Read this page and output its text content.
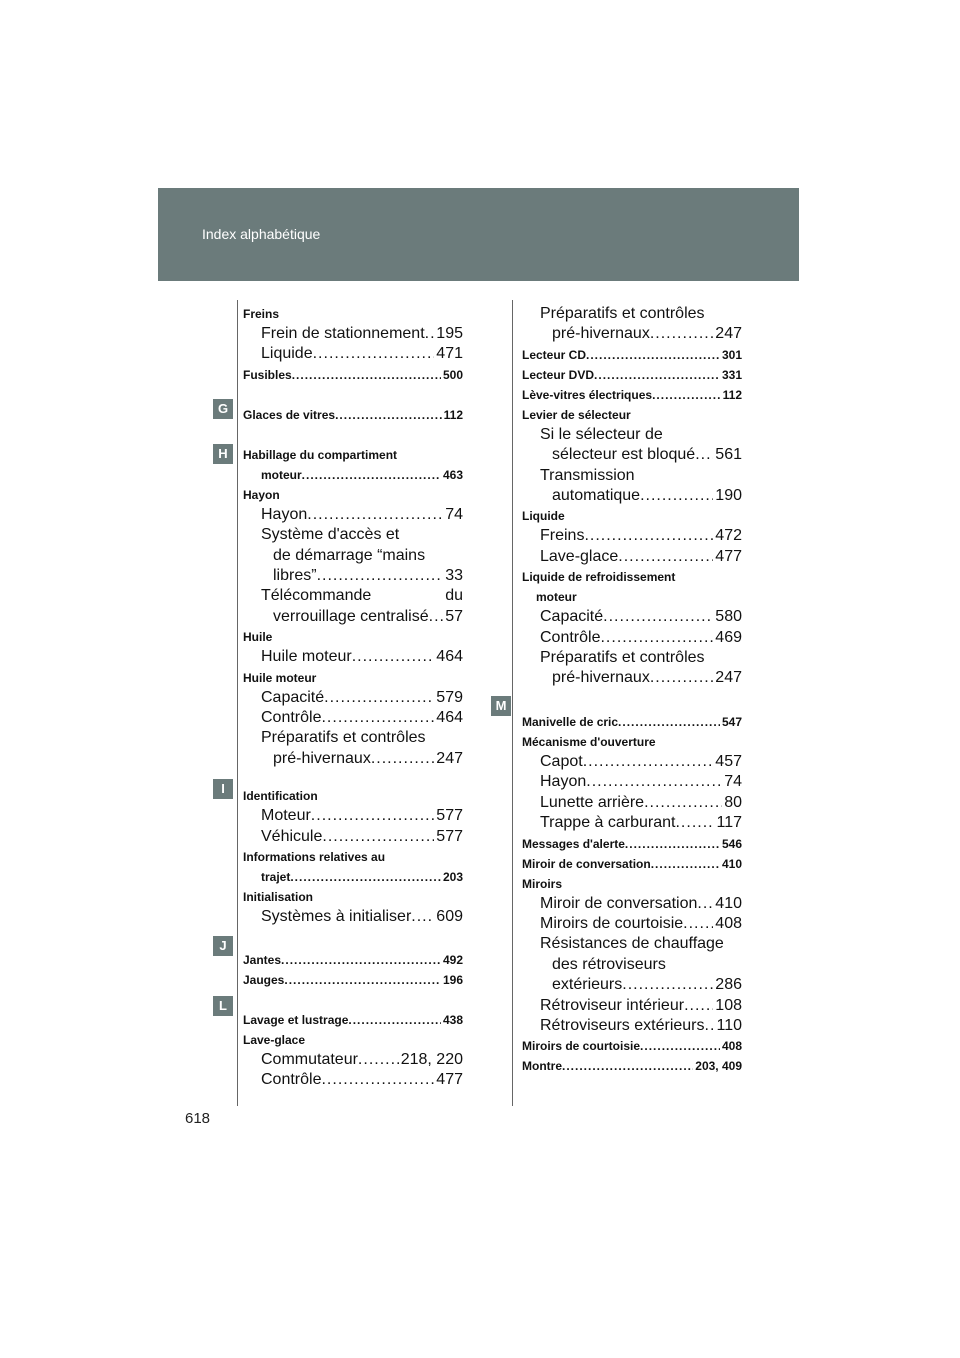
Index alphabétique
G
H
I
J
L
M
Freins
Frein de stationnement ..... 195
Liquide .....	471
Fusibles .....	500
Glaces de vitres .....	112
Habillage du compartiment
moteur .....	463
Hayon
Hayon .....	74
Système d'accès et
de démarrage “mains
libres” .....	33
Télécommande	du
verrouillage centralisé ..... 57
Huile
Huile moteur .....	464
Huile moteur
Capacité .....	579
Contrôle .....	464
Préparatifs et contrôles
pré-hivernaux .....	247
Identification
Moteur .....	577
Véhicule .....	577
Informations relatives au
trajet .....	203
Initialisation
Systèmes à initialiser ..... 609
Jantes .....	492
Jauges .....	196
Lavage et lustrage .....	438
Lave-glace
Commutateur .....	218, 220
Contrôle .....	477
Préparatifs et contrôles
pré-hivernaux .....	247
Lecteur CD .....	301
Lecteur DVD .....	331
Lève-vitres électriques .....	112
Levier de sélecteur
Si le sélecteur de
sélecteur est bloqué ..... 561
Transmission
automatique .....	190
Liquide
Freins .....	472
Lave-glace .....	477
Liquide de refroidissement
moteur
Capacité .....	580
Contrôle .....	469
Préparatifs et contrôles
pré-hivernaux .....	247
Manivelle de cric .....	547
Mécanisme d'ouverture
Capot .....	457
Hayon .....	74
Lunette arrière .....	80
Trappe à carburant .....	117
Messages d'alerte .....	546
Miroir de conversation .....	410
Miroirs
Miroir de conversation ..... 410
Miroirs de courtoisie ..... 408
Résistances de chauffage
des rétroviseurs
extérieurs .....	286
Rétroviseur intérieur ..... 108
Rétroviseurs extérieurs ..... 110
Miroirs de courtoisie .....	408
Montre .....	203, 409
618
